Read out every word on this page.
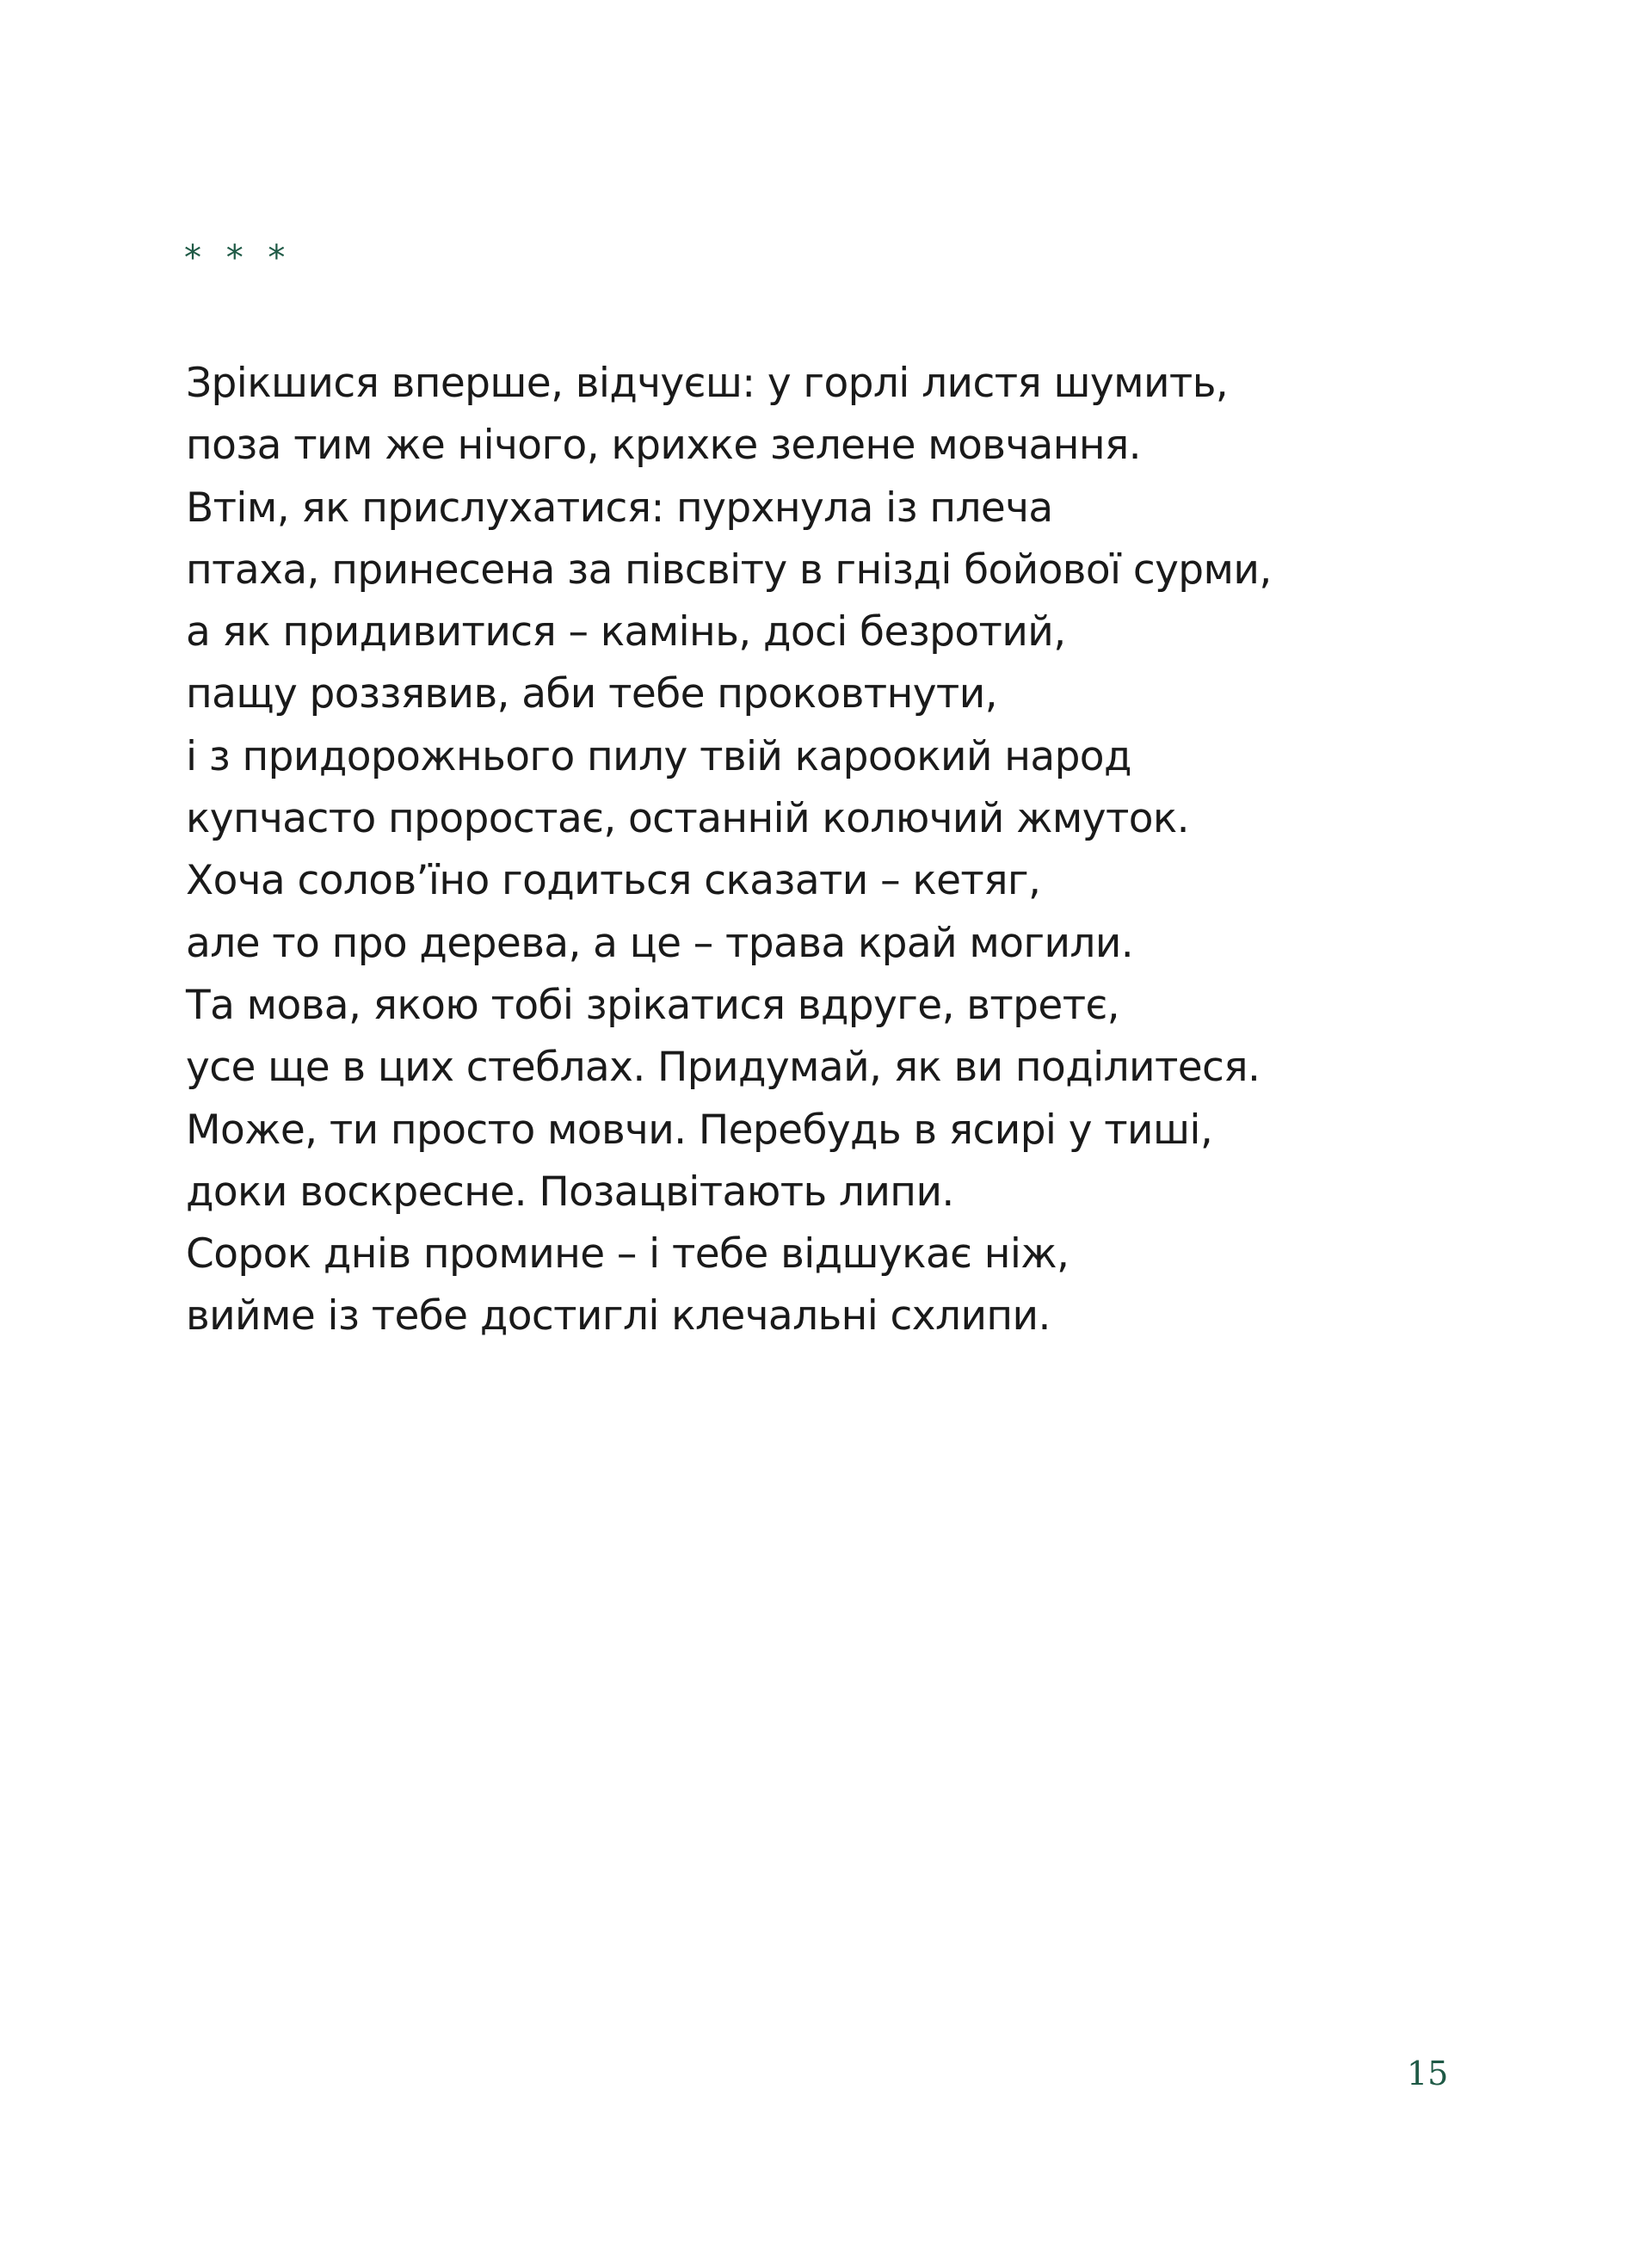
* * *
Зрікшися вперше, відчуєш: у горлі листя шумить,
поза тим же нічого, крихке зелене мовчання.
Втім, як прислухатися: пурхнула із плеча
птаха, принесена за півсвіту в гнізді бойової сурми,
а як придивитися – камінь, досі безротий,
пащу роззявив, аби тебе проковтнути,
і з придорожнього пилу твій кароокий народ
купчасто проростає, останній колючий жмуток.
Хоча солов’їно годиться сказати – кетяг,
але то про дерева, а це – трава край могили.
Та мова, якою тобі зрікатися вдруге, втретє,
усе ще в цих стеблах. Придумай, як ви поділитеся.
Може, ти просто мовчи. Перебудь в ясирі у тиші,
доки воскресне. Позацвітають липи.
Сорок днів промине – і тебе відшукає ніж,
вийме із тебе достиглі клечальні схлипи.
15
